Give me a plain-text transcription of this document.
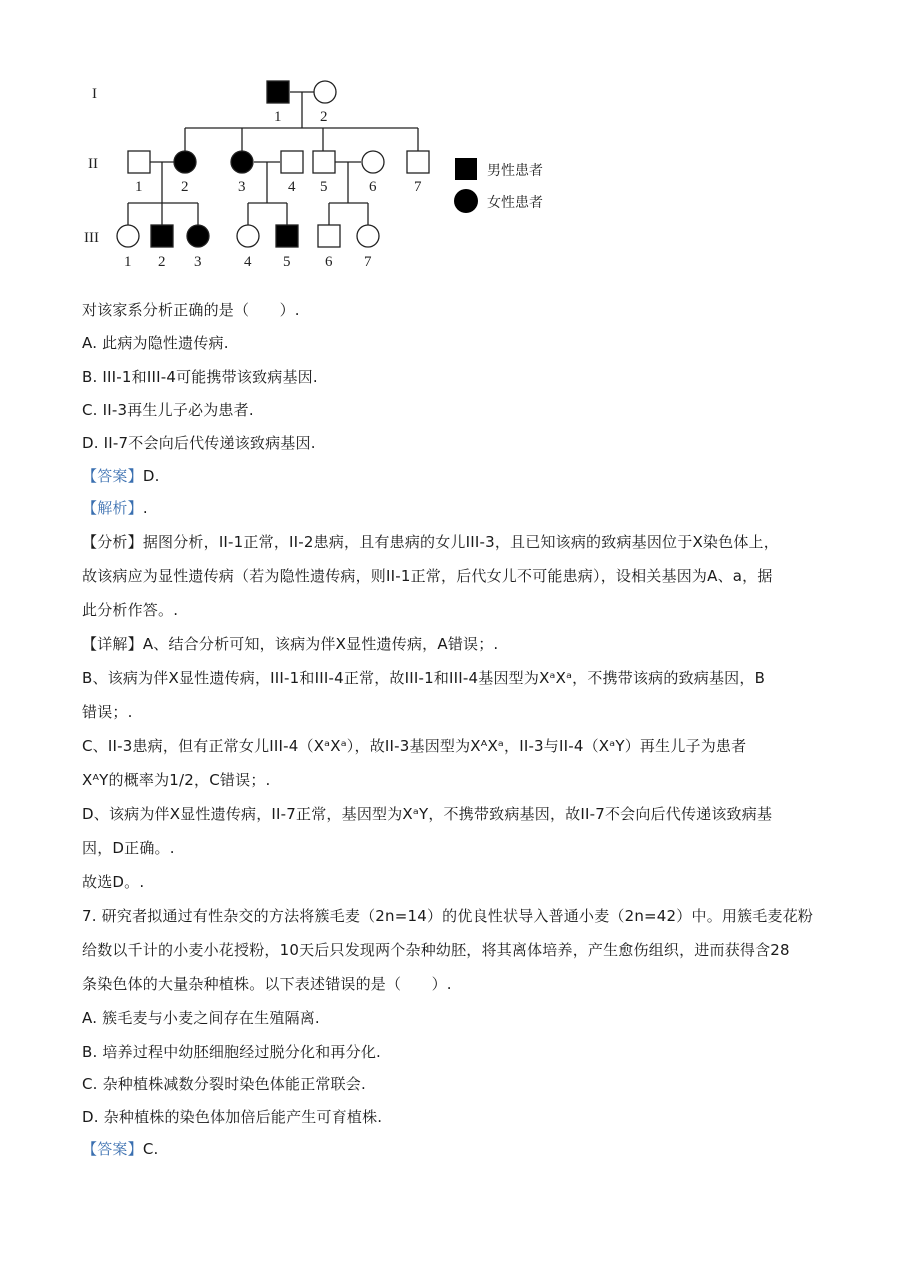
I
II
III
1	2
1	2	3	4 5	6	7
1 2 3	4 5 6 7
男性患者
女性患者
对该家系分析正确的是（　　）.
A. 此病为隐性遗传病.
B. III-1和III-4可能携带该致病基因.
C. II-3再生儿子必为患者.
D. II-7不会向后代传递该致病基因.
【答案】D.
【解析】.
【分析】据图分析，II-1正常，II-2患病，且有患病的女儿III-3，且已知该病的致病基因位于X染色体上，
故该病应为显性遗传病（若为隐性遗传病，则II-1正常，后代女儿不可能患病），设相关基因为A、a，据
此分析作答。.
【详解】A、结合分析可知，该病为伴X显性遗传病，A错误；.
B、该病为伴X显性遗传病，III-1和III-4正常，故III-1和III-4基因型为XᵃXᵃ，不携带该病的致病基因，B
错误；.
C、II-3患病，但有正常女儿III-4（XᵃXᵃ），故II-3基因型为XᴬXᵃ，II-3与II-4（XᵃY）再生儿子为患者
XᴬY的概率为1/2，C错误；.
D、该病为伴X显性遗传病，II-7正常，基因型为XᵃY，不携带致病基因，故II-7不会向后代传递该致病基
因，D正确。.
故选D。.
7. 研究者拟通过有性杂交的方法将簇毛麦（2n=14）的优良性状导入普通小麦（2n=42）中。用簇毛麦花粉
给数以千计的小麦小花授粉，10天后只发现两个杂种幼胚，将其离体培养，产生愈伤组织，进而获得含28
条染色体的大量杂种植株。以下表述错误的是（　　）.
A. 簇毛麦与小麦之间存在生殖隔离.
B. 培养过程中幼胚细胞经过脱分化和再分化.
C. 杂种植株减数分裂时染色体能正常联会.
D. 杂种植株的染色体加倍后能产生可育植株.
【答案】C.
